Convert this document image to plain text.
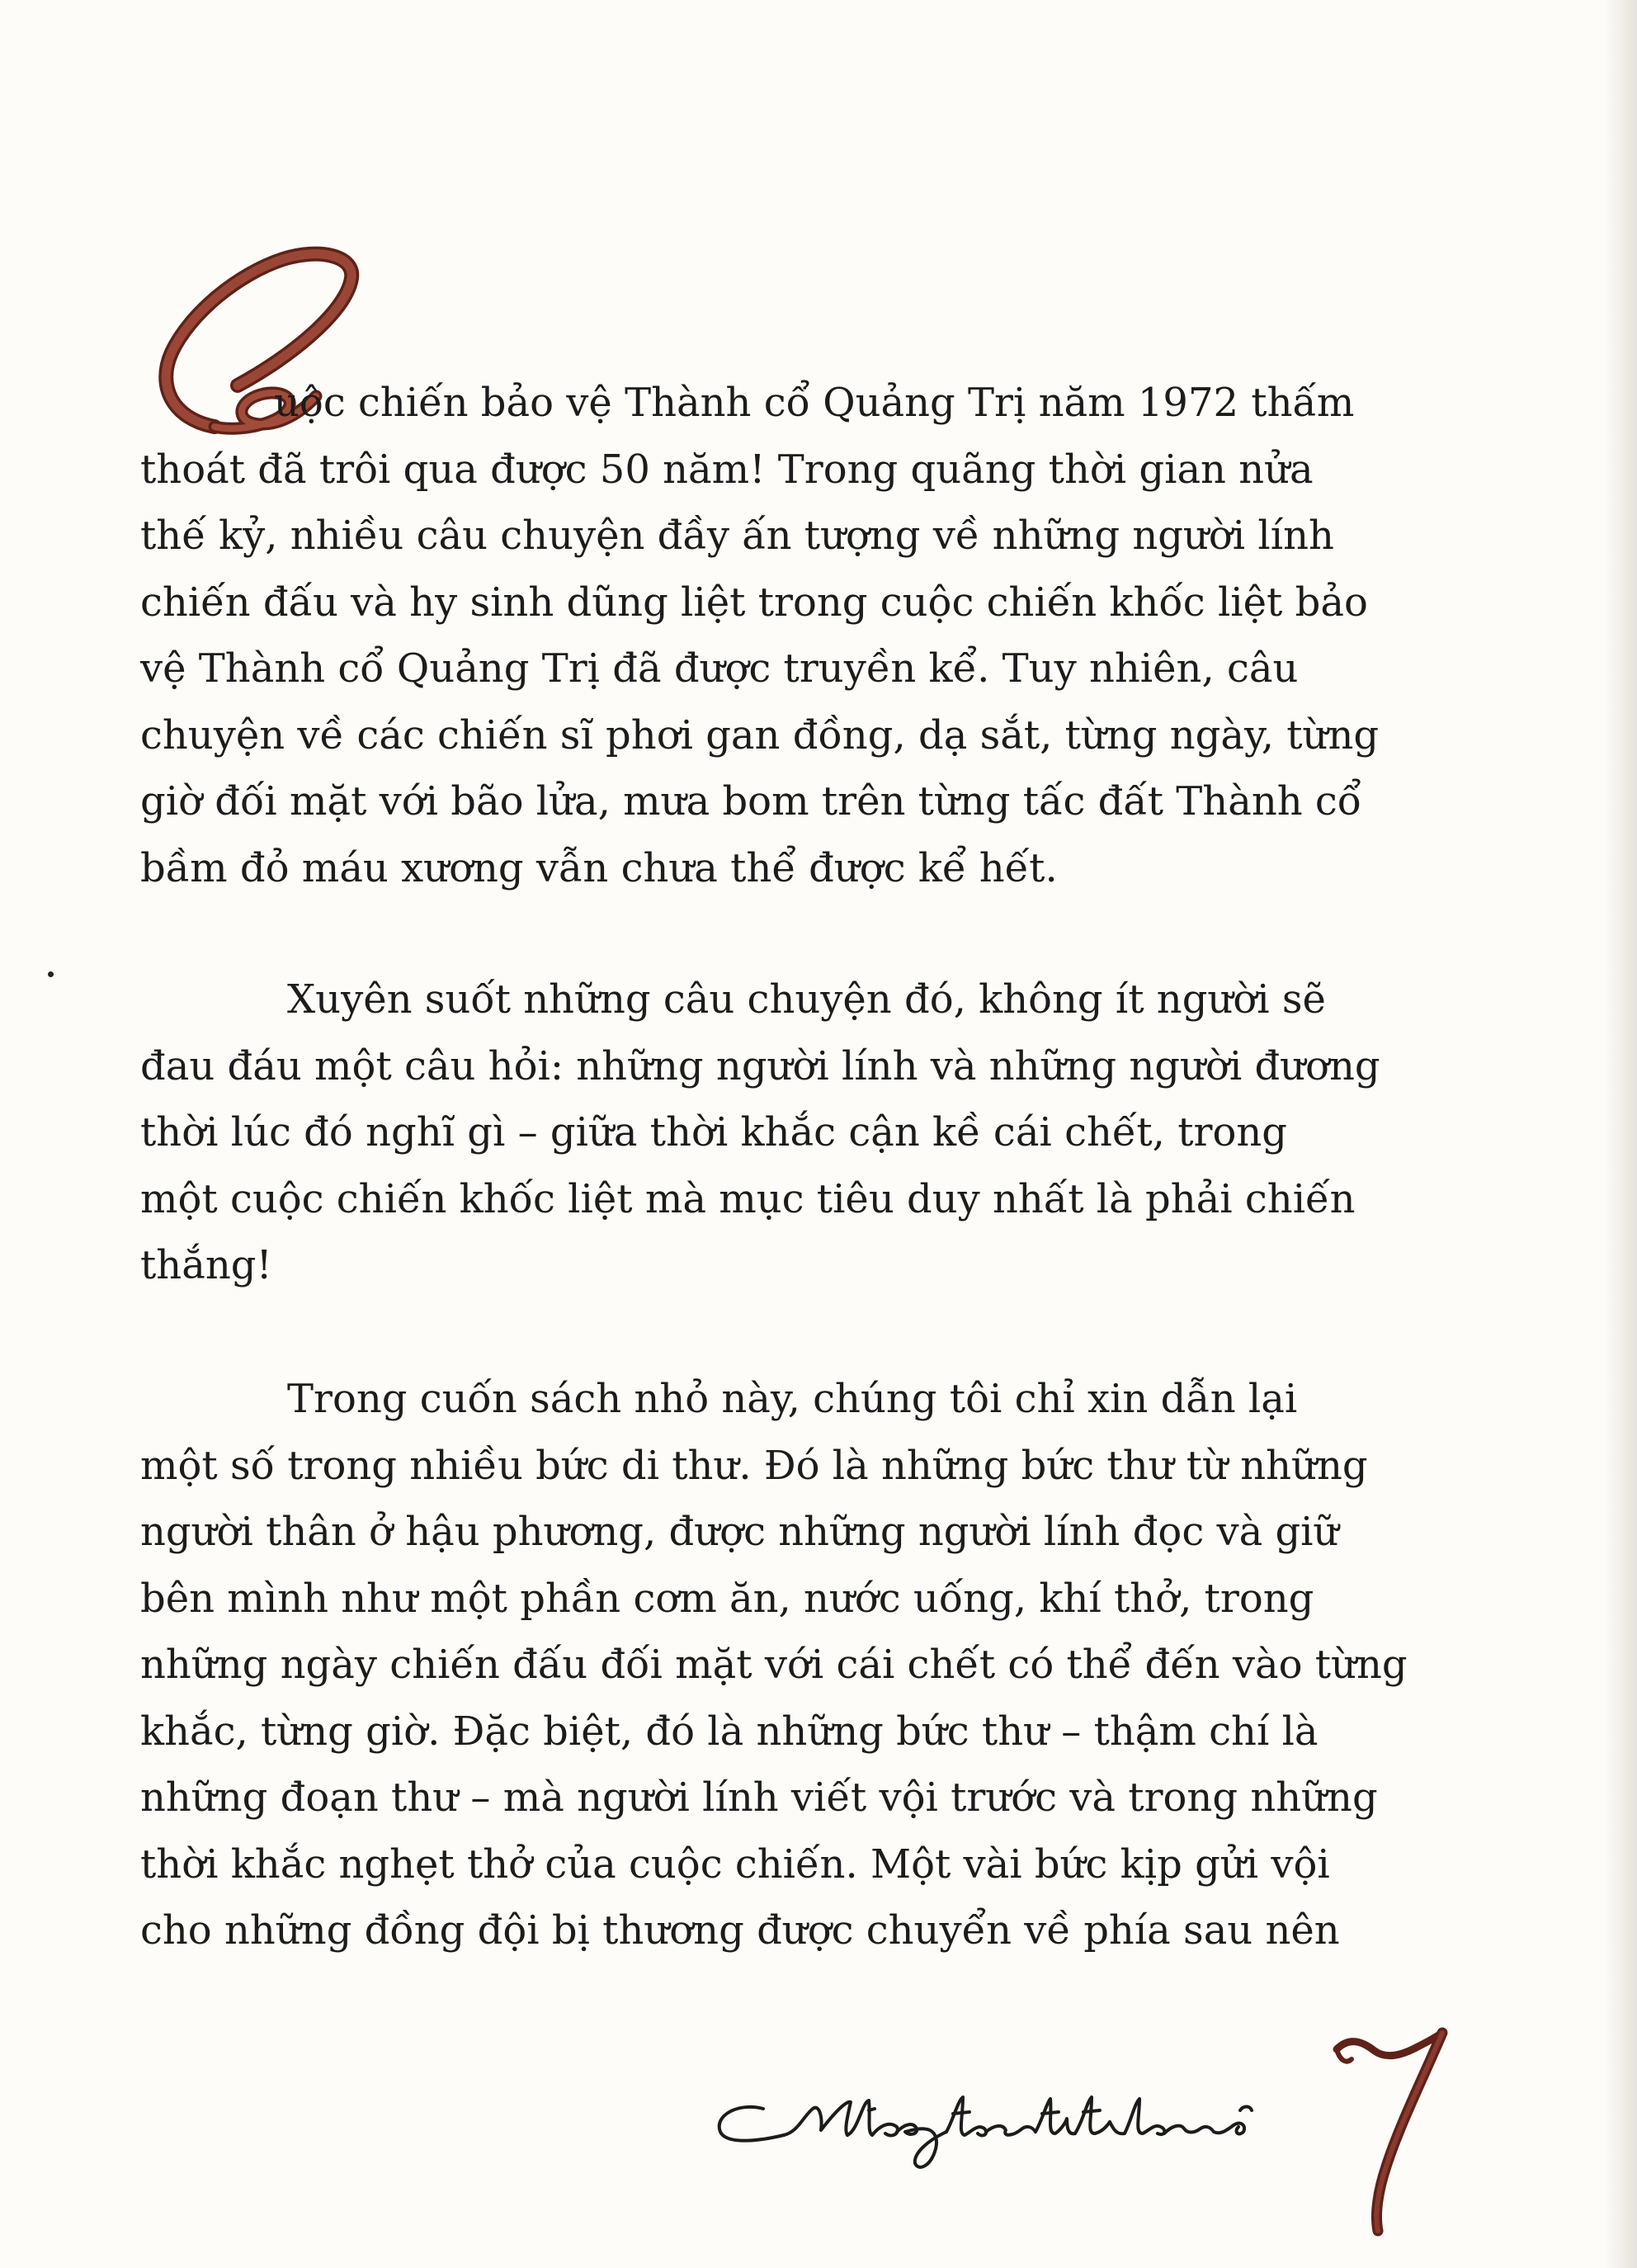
uộc chiến bảo vệ Thành cổ Quảng Trị năm 1972 thấm
thoát đã trôi qua được 50 năm! Trong quãng thời gian nửa
thế kỷ, nhiều câu chuyện đầy ấn tượng về những người lính
chiến đấu và hy sinh dũng liệt trong cuộc chiến khốc liệt bảo
vệ Thành cổ Quảng Trị đã được truyền kể. Tuy nhiên, câu
chuyện về các chiến sĩ phơi gan đồng, dạ sắt, từng ngày, từng
giờ đối mặt với bão lửa, mưa bom trên từng tấc đất Thành cổ
bầm đỏ máu xương vẫn chưa thể được kể hết.
Xuyên suốt những câu chuyện đó, không ít người sẽ
đau đáu một câu hỏi: những người lính và những người đương
thời lúc đó nghĩ gì – giữa thời khắc cận kề cái chết, trong
một cuộc chiến khốc liệt mà mục tiêu duy nhất là phải chiến
thắng!
Trong cuốn sách nhỏ này, chúng tôi chỉ xin dẫn lại
một số trong nhiều bức di thư. Đó là những bức thư từ những
người thân ở hậu phương, được những người lính đọc và giữ
bên mình như một phần cơm ăn, nước uống, khí thở, trong
những ngày chiến đấu đối mặt với cái chết có thể đến vào từng
khắc, từng giờ. Đặc biệt, đó là những bức thư – thậm chí là
những đoạn thư – mà người lính viết vội trước và trong những
thời khắc nghẹt thở của cuộc chiến. Một vài bức kịp gửi vội
cho những đồng đội bị thương được chuyển về phía sau nên
